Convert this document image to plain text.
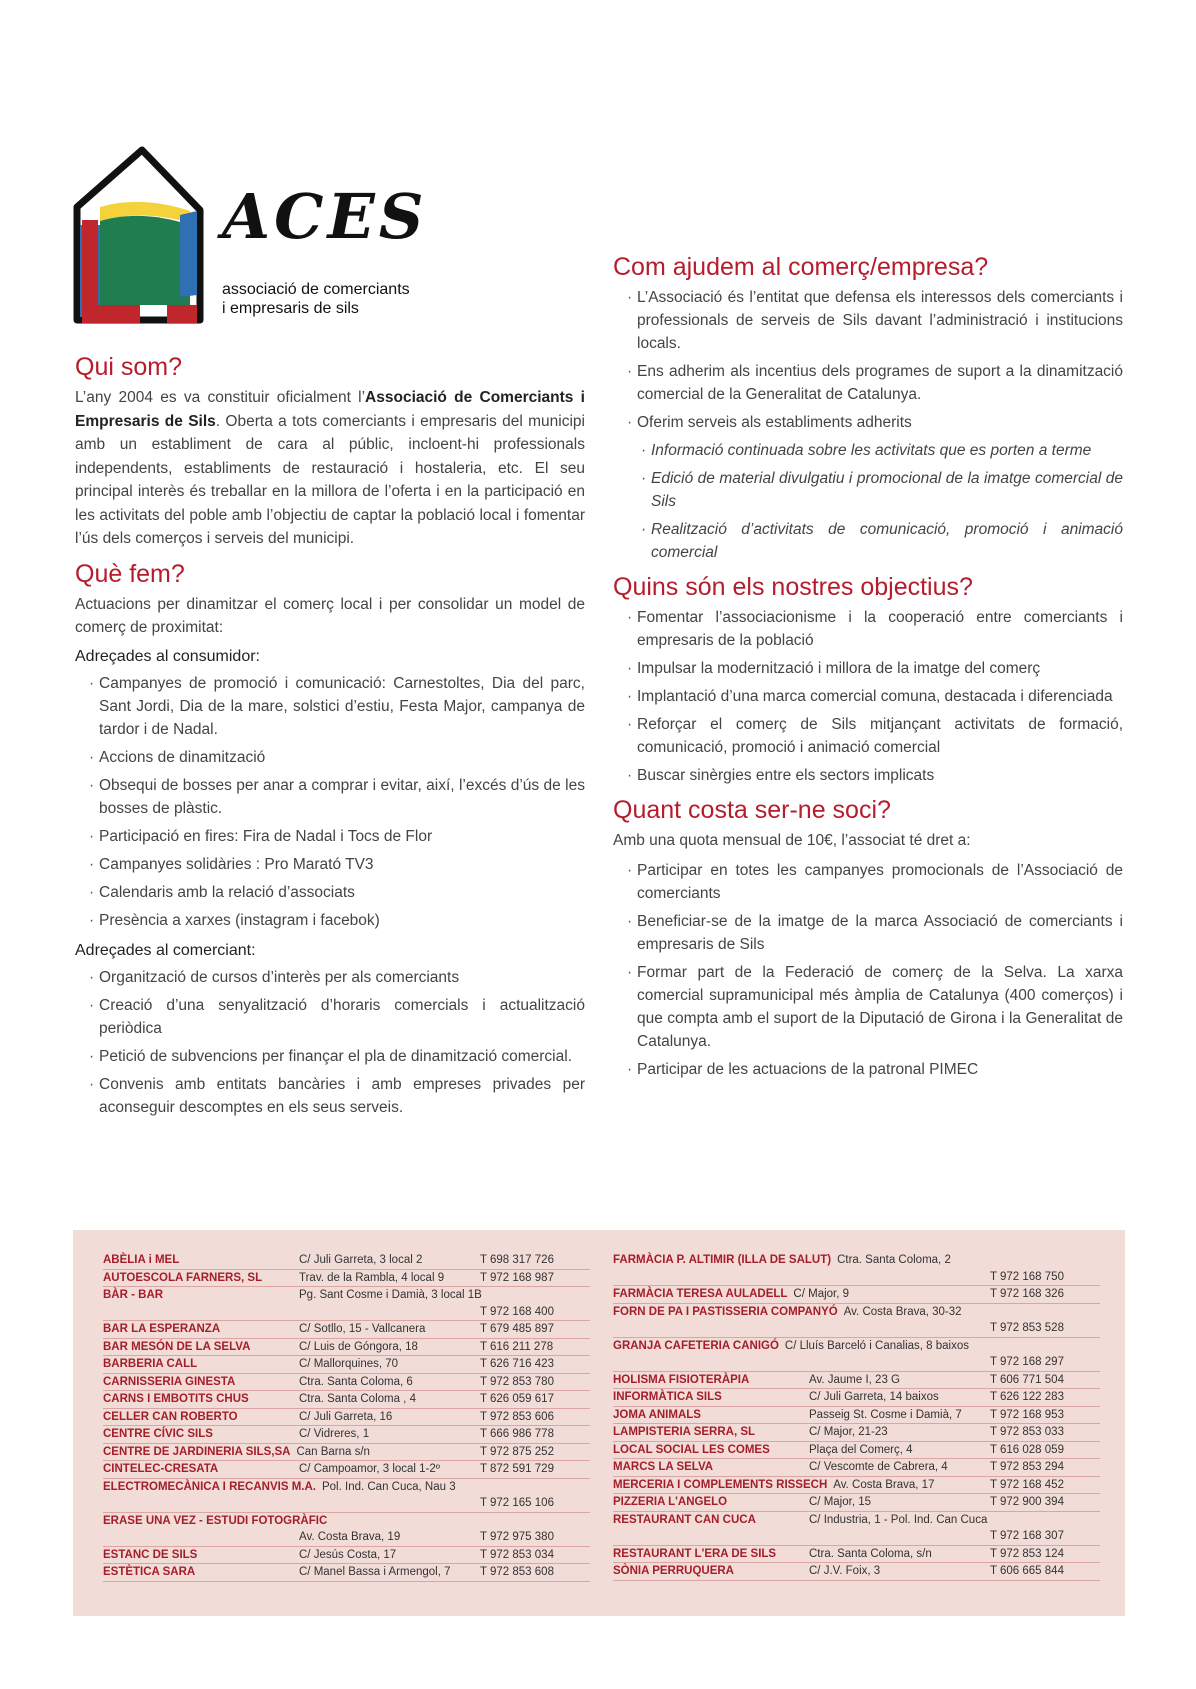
ACES
associació de comerciants
i empresaris de sils
Qui som?

L’any 2004 es va constituir oficialment l’Associació de Comerciants i Empresaris de Sils. Oberta a tots comerciants i empresaris del municipi amb un establiment de cara al públic, incloent-hi professionals independents, establiments de restauració i hostaleria, etc. El seu principal interès és treballar en la millora de l’oferta i en la participació en les activitats del poble amb l’objectiu de captar la població local i fomentar l’ús dels comerços i serveis del municipi.

Què fem?

Actuacions per dinamitzar el comerç local i per consolidar un model de comerç de proximitat:

Adreçades al consumidor:
· Campanyes de promoció i comunicació: Carnestoltes, Dia del parc, Sant Jordi, Dia de la mare, solstici d’estiu, Festa Major, campanya de tardor i de Nadal.
· Accions de dinamització
· Obsequi de bosses per anar a comprar i evitar, així, l’excés d’ús de les bosses de plàstic.
· Participació en fires: Fira de Nadal i Tocs de Flor
· Campanyes solidàries : Pro Marató TV3
· Calendaris amb la relació d’associats
· Presència a xarxes (instagram i facebok)
Adreçades al comerciant:
· Organització de cursos d’interès per als comerciants
· Creació d’una senyalització d’horaris comercials i actualització periòdica
· Petició de subvencions per finançar el pla de dinamització comercial.
· Convenis amb entitats bancàries i amb empreses privades per aconseguir descomptes en els seus serveis.
Com ajudem al comerç/empresa?
· L’Associació és l’entitat que defensa els interessos dels comerciants i professionals de serveis de Sils davant l’administració i institucions locals.
· Ens adherim als incentius dels programes de suport a la dinamització comercial de la Generalitat de Catalunya.
· Oferim serveis als establiments adherits
· Informació continuada sobre les activitats que es porten a terme
· Edició de material divulgatiu i promocional de la imatge comercial de Sils
· Realització d’activitats de comunicació, promoció i animació comercial
Quins són els nostres objectius?
· Fomentar l’associacionisme i la cooperació entre comerciants i empresaris de la població
· Impulsar la modernització i millora de la imatge del comerç
· Implantació d’una marca comercial comuna, destacada i diferenciada
· Reforçar el comerç de Sils mitjançant activitats de formació, comunicació, promoció i animació comercial
· Buscar sinèrgies entre els sectors implicats
Quant costa ser-ne soci?

Amb una quota mensual de 10€, l’associat té dret a:

· Participar en totes les campanyes promocionals de l’Associació de comerciants
· Beneficiar-se de la imatge de la marca Associació de comerciants i empresaris de Sils
· Formar part de la Federació de comerç de la Selva. La xarxa comercial supramunicipal més àmplia de Catalunya (400 comerços) i que compta amb el suport de la Diputació de Girona i la Generalitat de Catalunya.
· Participar de les actuacions de la patronal PIMEC
ABÈLIA i MEL	C/ Juli Garreta, 3 local 2	T 698 317 726
AUTOESCOLA FARNERS, SL	Trav. de la Rambla, 4 local 9	T 972 168 987
BÀR - BAR	Pg. Sant Cosme i Damià, 3 local 1B
T 972 168 400
BAR LA ESPERANZA	C/ Sotllo, 15 - Vallcanera	T 679 485 897
BAR MESÓN DE LA SELVA	C/ Luis de Góngora, 18	T 616 211 278
BARBERIA CALL	C/ Mallorquines, 70	T 626 716 423
CARNISSERIA GINESTA	Ctra. Santa Coloma, 6	T 972 853 780
CARNS I EMBOTITS CHUS	Ctra. Santa Coloma , 4	T 626 059 617
CELLER CAN ROBERTO	C/ Juli Garreta, 16	T 972 853 606
CENTRE CÍVIC SILS	C/ Vidreres, 1	T 666 986 778
CENTRE DE JARDINERIA SILS,SA Can Barna s/n	T 972 875 252
CINTELEC-CRESATA	C/ Campoamor, 3 local 1-2º	T 872 591 729
ELECTROMECÀNICA I RECANVIS M.A. Pol. Ind. Can Cuca, Nau 3
T 972 165 106
ERASE UNA VEZ - ESTUDI FOTOGRÀFIC
Av. Costa Brava, 19	T 972 975 380
ESTANC DE SILS	C/ Jesús Costa, 17	T 972 853 034
ESTÈTICA SARA	C/ Manel Bassa i Armengol, 7	T 972 853 608
FARMÀCIA P. ALTIMIR (ILLA DE SALUT) Ctra. Santa Coloma, 2
T 972 168 750
FARMÀCIA TERESA AULADELL C/ Major, 9	T 972 168 326
FORN DE PA I PASTISSERIA COMPANYÓ Av. Costa Brava, 30-32
T 972 853 528
GRANJA CAFETERIA CANIGÓ C/ Lluís Barceló i Canalias, 8 baixos
T 972 168 297
HOLISMA FISIOTERÀPIA	Av. Jaume I, 23 G	T 606 771 504
INFORMÀTICA SILS	C/ Juli Garreta, 14 baixos	T 626 122 283
JOMA ANIMALS	Passeig St. Cosme i Damià, 7 T 972 168 953
LAMPISTERIA SERRA, SL	C/ Major, 21-23	T 972 853 033
LOCAL SOCIAL LES COMES	Plaça del Comerç, 4	T 616 028 059
MARCS LA SELVA	C/ Vescomte de Cabrera, 4	T 972 853 294
MERCERIA I COMPLEMENTS RISSECH Av. Costa Brava, 17	T 972 168 452
PIZZERIA L'ANGELO	C/ Major, 15	T 972 900 394
RESTAURANT CAN CUCA	C/ Industria, 1 - Pol. Ind. Can Cuca
T 972 168 307
RESTAURANT L'ERA DE SILS	Ctra. Santa Coloma, s/n	T 972 853 124
SÒNIA PERRUQUERA	C/ J.V. Foix, 3	T 606 665 844
